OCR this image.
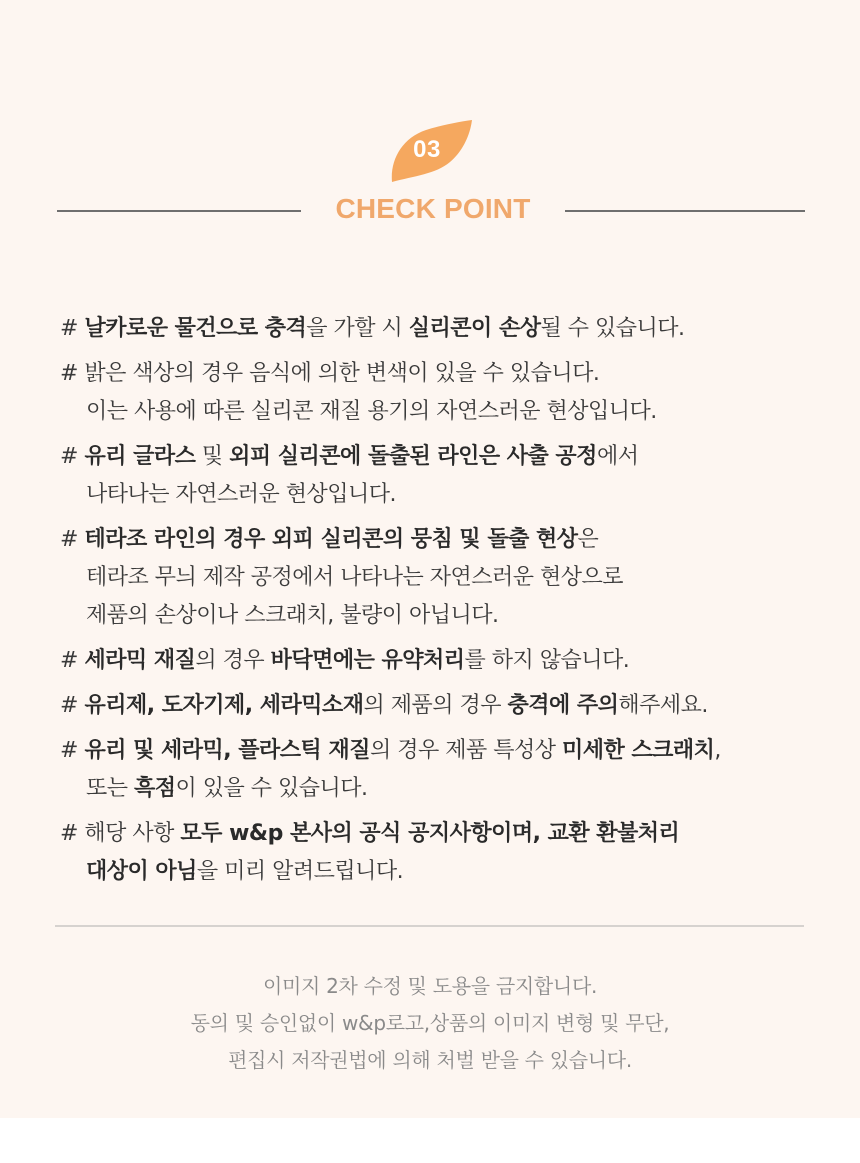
03
CHECK POINT
# 날카로운 물건으로 충격을 가할 시 실리콘이 손상될 수 있습니다.
# 밝은 색상의 경우 음식에 의한 변색이 있을 수 있습니다.
이는 사용에 따른 실리콘 재질 용기의 자연스러운 현상입니다.
# 유리 글라스 및 외피 실리콘에 돌출된 라인은 사출 공정에서
나타나는 자연스러운 현상입니다.
# 테라조 라인의 경우 외피 실리콘의 뭉침 및 돌출 현상은
테라조 무늬 제작 공정에서 나타나는 자연스러운 현상으로
제품의 손상이나 스크래치, 불량이 아닙니다.
# 세라믹 재질의 경우 바닥면에는 유약처리를 하지 않습니다.
# 유리제, 도자기제, 세라믹소재의 제품의 경우 충격에 주의해주세요.
# 유리 및 세라믹, 플라스틱 재질의 경우 제품 특성상 미세한 스크래치,
또는 흑점이 있을 수 있습니다.
# 해당 사항 모두 w&p 본사의 공식 공지사항이며, 교환 환불처리
대상이 아님을 미리 알려드립니다.
이미지 2차 수정 및 도용을 금지합니다.
동의 및 승인없이 w&p로고,상품의 이미지 변형 및 무단,
편집시 저작권법에 의해 처벌 받을 수 있습니다.
